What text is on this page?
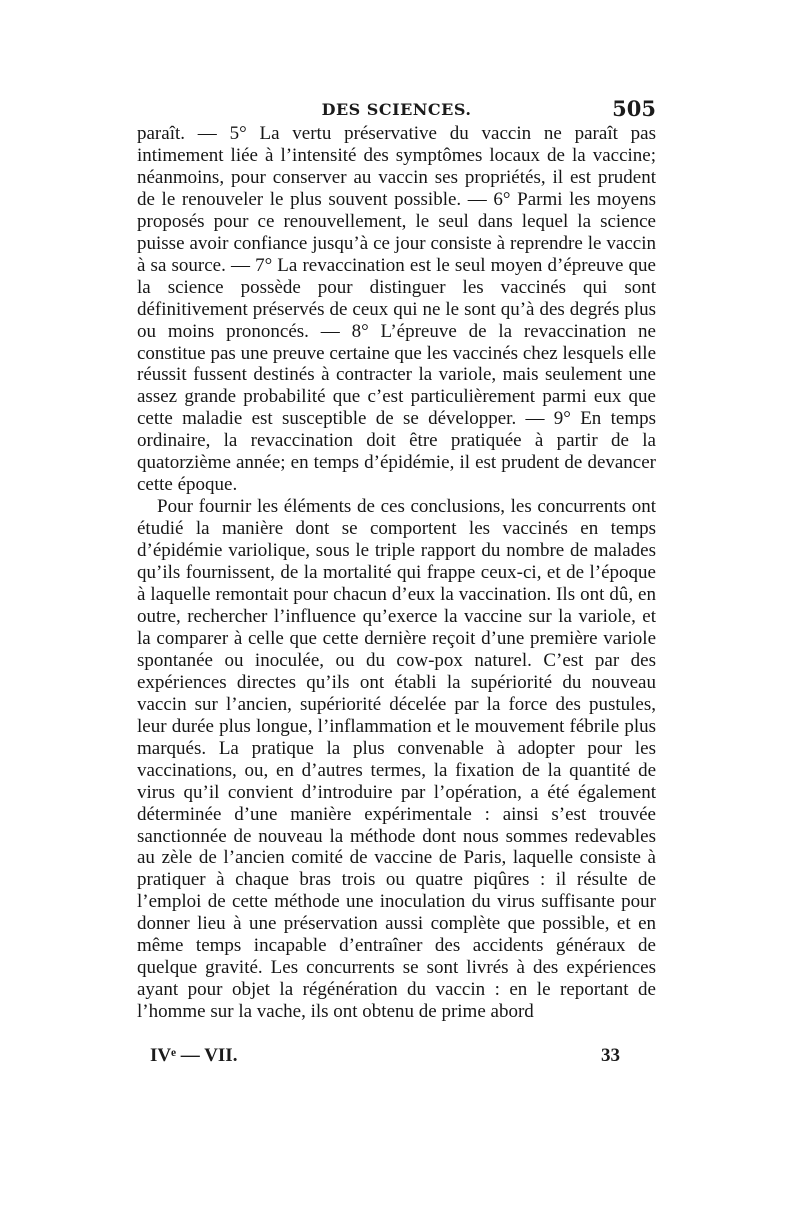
DES SCIENCES.	505

paraît. — 5° La vertu préservative du vaccin ne paraît pas intimement liée à l’intensité des symptômes locaux de la vaccine; néanmoins, pour conserver au vaccin ses propriétés, il est prudent de le renouveler le plus souvent possible. — 6° Parmi les moyens proposés pour ce renouvellement, le seul dans lequel la science puisse avoir confiance jusqu’à ce jour consiste à reprendre le vaccin à sa source. — 7° La revaccination est le seul moyen d’épreuve que la science possède pour distinguer les vaccinés qui sont définitivement préservés de ceux qui ne le sont qu’à des degrés plus ou moins prononcés. — 8° L’épreuve de la revaccination ne constitue pas une preuve certaine que les vaccinés chez lesquels elle réussit fussent destinés à contracter la variole, mais seulement une assez grande probabilité que c’est particulièrement parmi eux que cette maladie est susceptible de se développer. — 9° En temps ordinaire, la revaccination doit être pratiquée à partir de la quatorzième année; en temps d’épidémie, il est prudent de devancer cette époque.

Pour fournir les éléments de ces conclusions, les concurrents ont étudié la manière dont se comportent les vaccinés en temps d’épidémie variolique, sous le triple rapport du nombre de malades qu’ils fournissent, de la mortalité qui frappe ceux-ci, et de l’époque à laquelle remontait pour chacun d’eux la vaccination. Ils ont dû, en outre, rechercher l’influence qu’exerce la vaccine sur la variole, et la comparer à celle que cette dernière reçoit d’une première variole spontanée ou inoculée, ou du cow-pox naturel. C’est par des expériences directes qu’ils ont établi la supériorité du nouveau vaccin sur l’ancien, supériorité décelée par la force des pustules, leur durée plus longue, l’inflammation et le mouvement fébrile plus marqués. La pratique la plus convenable à adopter pour les vaccinations, ou, en d’autres termes, la fixation de la quantité de virus qu’il convient d’introduire par l’opération, a été également déterminée d’une manière expérimentale : ainsi s’est trouvée sanctionnée de nouveau la méthode dont nous sommes redevables au zèle de l’ancien comité de vaccine de Paris, laquelle consiste à pratiquer à chaque bras trois ou quatre piqûres : il résulte de l’emploi de cette méthode une inoculation du virus suffisante pour donner lieu à une préservation aussi complète que possible, et en même temps incapable d’entraîner des accidents généraux de quelque gravité. Les concurrents se sont livrés à des expériences ayant pour objet la régénération du vaccin : en le reportant de l’homme sur la vache, ils ont obtenu de prime abord

IVᵉ — VII.	33
